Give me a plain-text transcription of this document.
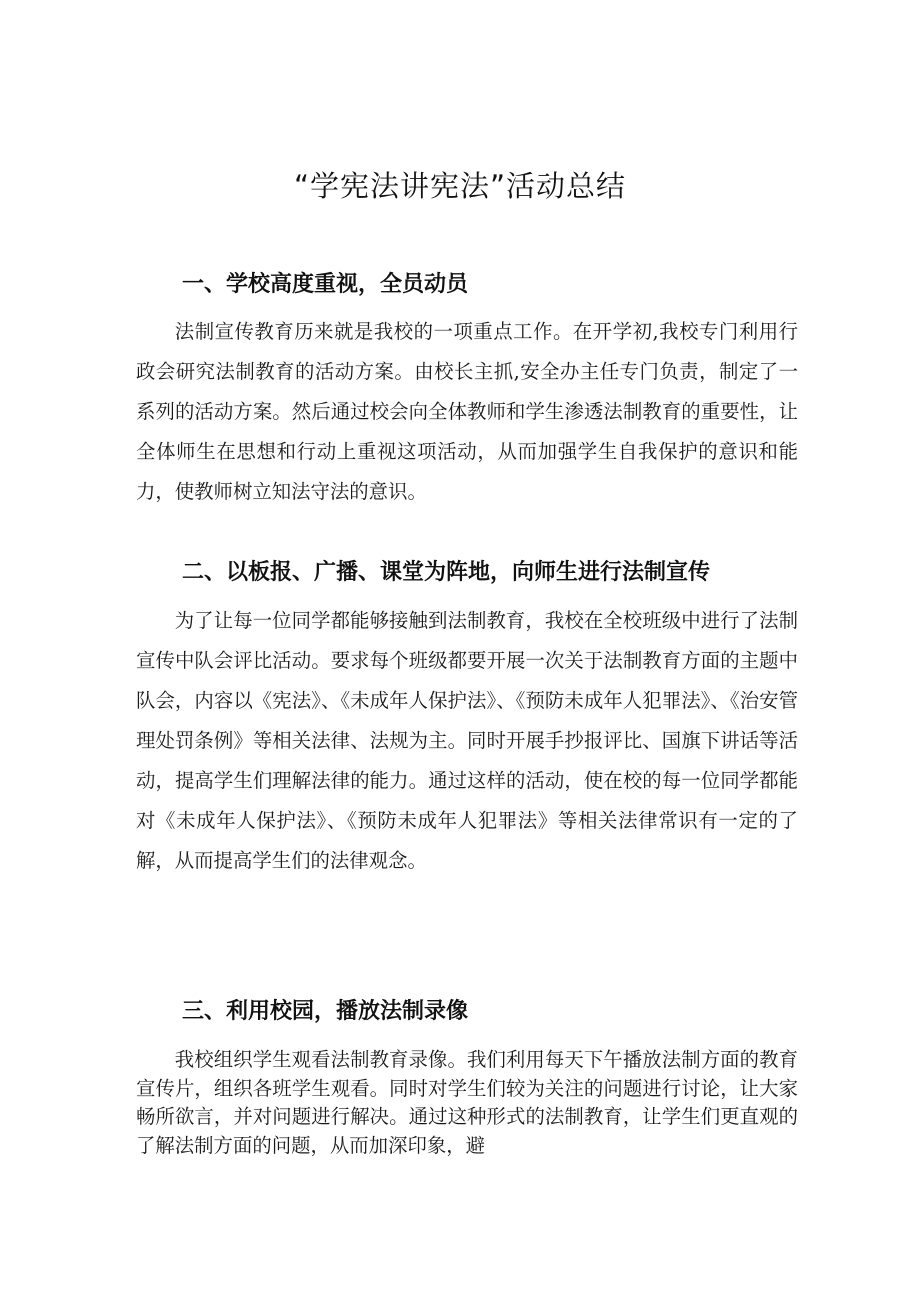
“学宪法讲宪法”活动总结
一、学校高度重视，全员动员

法制宣传教育历来就是我校的一项重点工作。在开学初,我校专门利用行政会研究法制教育的活动方案。由校长主抓,安全办主任专门负责，制定了一系列的活动方案。然后通过校会向全体教师和学生渗透法制教育的重要性，让全体师生在思想和行动上重视这项活动，从而加强学生自我保护的意识和能力，使教师树立知法守法的意识。

二、以板报、广播、课堂为阵地，向师生进行法制宣传

为了让每一位同学都能够接触到法制教育，我校在全校班级中进行了法制宣传中队会评比活动。要求每个班级都要开展一次关于法制教育方面的主题中队会，内容以《宪法》、《未成年人保护法》、《预防未成年人犯罪法》、《治安管理处罚条例》等相关法律、法规为主。同时开展手抄报评比、国旗下讲话等活动，提高学生们理解法律的能力。通过这样的活动，使在校的每一位同学都能对《未成年人保护法》、《预防未成年人犯罪法》等相关法律常识有一定的了解，从而提高学生们的法律观念。

三、利用校园，播放法制录像

我校组织学生观看法制教育录像。我们利用每天下午播放法制方面的教育宣传片，组织各班学生观看。同时对学生们较为关注的问题进行讨论，让大家畅所欲言，并对问题进行解决。通过这种形式的法制教育，让学生们更直观的了解法制方面的问题，从而加深印象，避
